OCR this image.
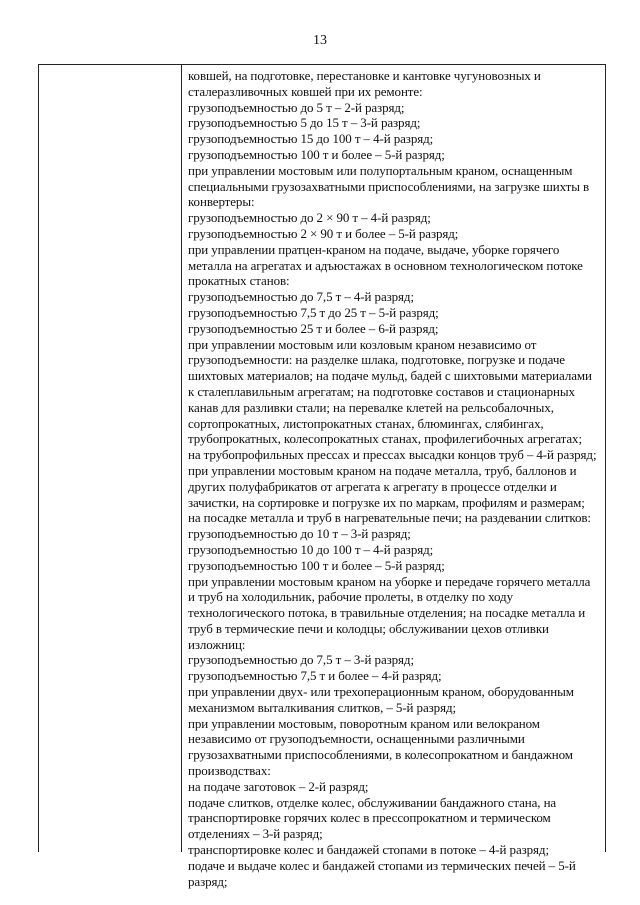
13
ковшей, на подготовке, перестановке и кантовке чугуновозных и
сталеразливочных ковшей при их ремонте:
грузоподъемностью до 5 т – 2-й разряд;
грузоподъемностью 5 до 15 т – 3-й разряд;
грузоподъемностью 15 до 100 т – 4-й разряд;
грузоподъемностью 100 т и более – 5-й разряд;
при управлении мостовым или полупортальным краном, оснащенным
специальными грузозахватными приспособлениями, на загрузке шихты в
конвертеры:
грузоподъемностью до 2 × 90 т – 4-й разряд;
грузоподъемностью 2 × 90 т и более – 5-й разряд;
при управлении пратцен-краном на подаче, выдаче, уборке горячего
металла на агрегатах и адъюстажах в основном технологическом потоке
прокатных станов:
грузоподъемностью до 7,5 т – 4-й разряд;
грузоподъемностью 7,5 т до 25 т – 5-й разряд;
грузоподъемностью 25 т и более – 6-й разряд;
при управлении мостовым или козловым краном независимо от
грузоподъемности: на разделке шлака, подготовке, погрузке и подаче
шихтовых материалов; на подаче мульд, бадей с шихтовыми материалами
к сталеплавильным агрегатам; на подготовке составов и стационарных
канав для разливки стали; на перевалке клетей на рельсобалочных,
сортопрокатных, листопрокатных станах, блюмингах, слябингах,
трубопрокатных, колесопрокатных станах, профилегибочных агрегатах;
на трубопрофильных прессах и прессах высадки концов труб – 4-й разряд;
при управлении мостовым краном на подаче металла, труб, баллонов и
других полуфабрикатов от агрегата к агрегату в процессе отделки и
зачистки, на сортировке и погрузке их по маркам, профилям и размерам;
на посадке металла и труб в нагревательные печи; на раздевании слитков:
грузоподъемностью до 10 т – 3-й разряд;
грузоподъемностью 10 до 100 т – 4-й разряд;
грузоподъемностью 100 т и более – 5-й разряд;
при управлении мостовым краном на уборке и передаче горячего металла
и труб на холодильник, рабочие пролеты, в отделку по ходу
технологического потока, в травильные отделения; на посадке металла и
труб в термические печи и колодцы; обслуживании цехов отливки
изложниц:
грузоподъемностью до 7,5 т – 3-й разряд;
грузоподъемностью 7,5 т и более – 4-й разряд;
при управлении двух- или трехоперационным краном, оборудованным
механизмом выталкивания слитков, – 5-й разряд;
при управлении мостовым, поворотным краном или велокраном
независимо от грузоподъемности, оснащенными различными
грузозахватными приспособлениями, в колесопрокатном и бандажном
производствах:
на подаче заготовок – 2-й разряд;
подаче слитков, отделке колес, обслуживании бандажного стана, на
транспортировке горячих колес в прессопрокатном и термическом
отделениях – 3-й разряд;
транспортировке колес и бандажей стопами в потоке – 4-й разряд;
подаче и выдаче колес и бандажей стопами из термических печей – 5-й
разряд;
